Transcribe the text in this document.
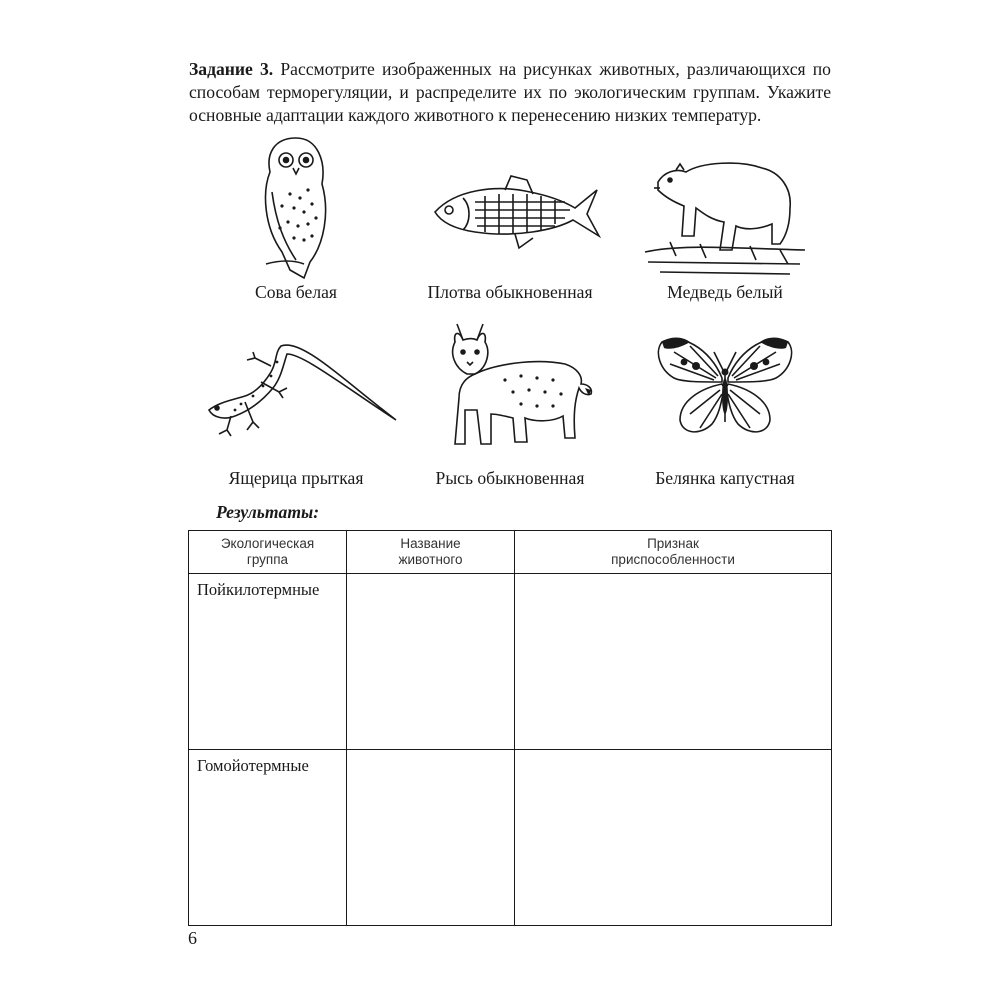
Задание 3. Рассмотрите изображенных на рисунках животных, различающихся по способам терморегуляции, и распределите их по экологическим группам. Укажите основные адаптации каждого животного к перенесению низких температур.

Сова белая	Плотва обыкновенная	Медведь белый
Ящерица прыткая	Рысь обыкновенная	Белянка капустная

Результаты:

Экологическая группа	Название животного	Признак приспособленности
Пойкилотермные		
Гомойотермные		

6
